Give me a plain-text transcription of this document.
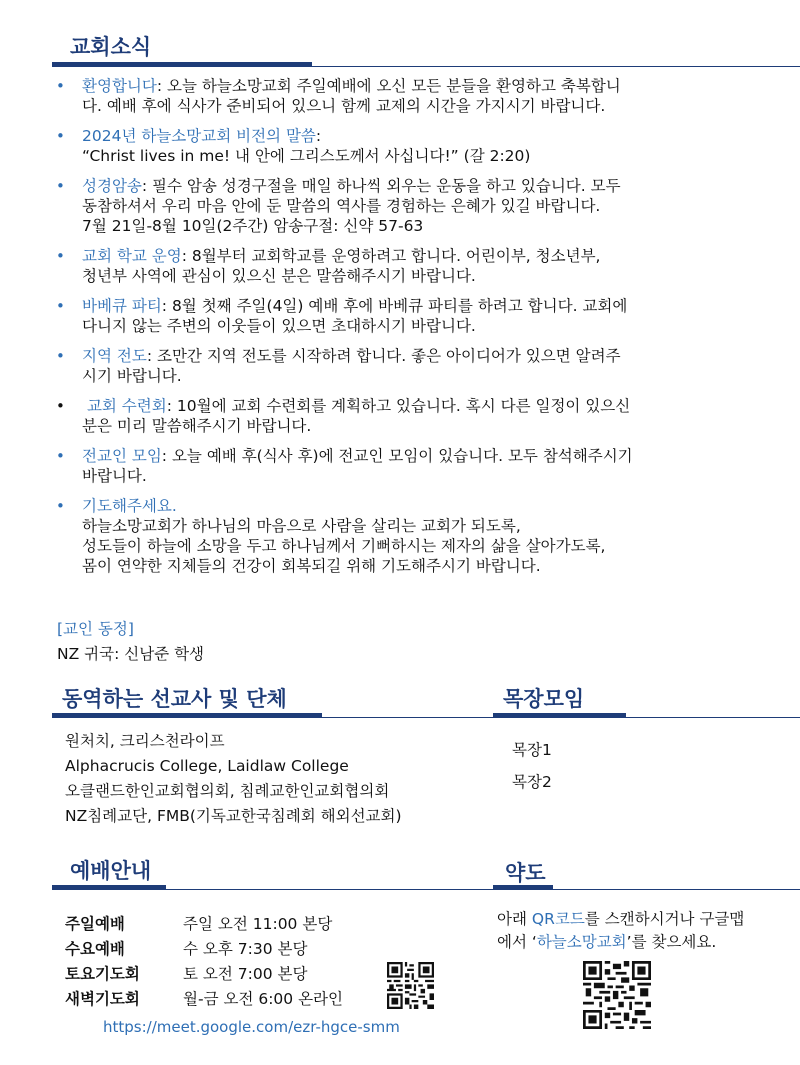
교회소식
• 환영합니다: 오늘 하늘소망교회 주일예배에 오신 모든 분들을 환영하고 축복합니
다. 예배 후에 식사가 준비되어 있으니 함께 교제의 시간을 가지시기 바랍니다.
• 2024년 하늘소망교회 비전의 말씀:
“Christ lives in me! 내 안에 그리스도께서 사십니다!” (갈 2:20)
• 성경암송: 필수 암송 성경구절을 매일 하나씩 외우는 운동을 하고 있습니다. 모두
동참하셔서 우리 마음 안에 둔 말씀의 역사를 경험하는 은혜가 있길 바랍니다.
7월 21일-8월 10일(2주간) 암송구절: 신약 57-63
• 교회 학교 운영: 8월부터 교회학교를 운영하려고 합니다. 어린이부, 청소년부,
청년부 사역에 관심이 있으신 분은 말씀해주시기 바랍니다.
• 바베큐 파티: 8월 첫째 주일(4일) 예배 후에 바베큐 파티를 하려고 합니다. 교회에
다니지 않는 주변의 이웃들이 있으면 초대하시기 바랍니다.
• 지역 전도: 조만간 지역 전도를 시작하려 합니다. 좋은 아이디어가 있으면 알려주
시기 바랍니다.
•	교회 수련회: 10월에 교회 수련회를 계획하고 있습니다. 혹시 다른 일정이 있으신
분은 미리 말씀해주시기 바랍니다.
• 전교인 모임: 오늘 예배 후(식사 후)에 전교인 모임이 있습니다. 모두 참석해주시기
바랍니다.
• 기도해주세요.
하늘소망교회가 하나님의 마음으로 사람을 살리는 교회가 되도록,
성도들이 하늘에 소망을 두고 하나님께서 기뻐하시는 제자의 삶을 살아가도록,
몸이 연약한 지체들의 건강이 회복되길 위해 기도해주시기 바랍니다.
[교인 동정]
NZ 귀국: 신남준 학생
동역하는 선교사 및 단체	목장모임
원처치, 크리스천라이프
Alphacrucis College, Laidlaw College
오클랜드한인교회협의회, 침례교한인교회협의회
NZ침례교단, FMB(기독교한국침례회 해외선교회)
목장1
목장2
예배안내	약도
주일예배	주일 오전 11:00 본당
수요예배	수 오후 7:30 본당
토요기도회	토 오전 7:00 본당
새벽기도회	월-금 오전 6:00 온라인
https://meet.google.com/ezr-hgce-smm
아래 QR코드를 스캔하시거나 구글맵
에서 ‘하늘소망교회’를 찾으세요.
